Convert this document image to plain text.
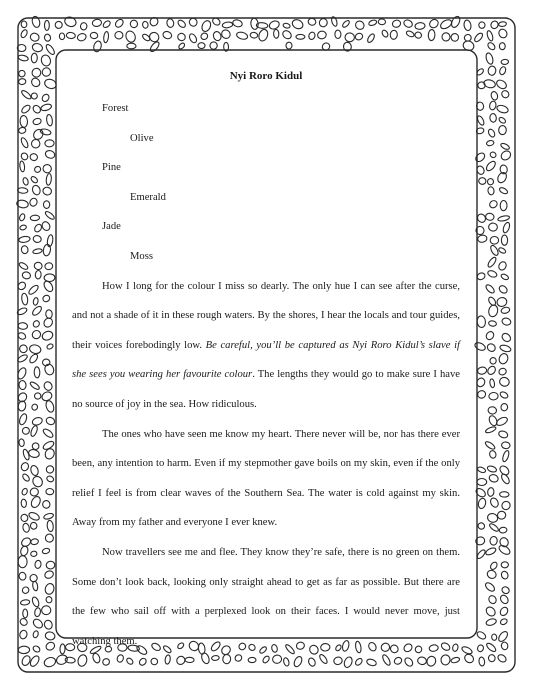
Nyi Roro Kidul
Forest
Olive
Pine
Emerald
Jade
Moss

How I long for the colour I miss so dearly. The only hue I can see after the curse, and not a shade of it in these rough waters. By the shores, I hear the locals and tour guides, their voices forebodingly low. Be careful, you’ll be captured as Nyi Roro Kidul’s slave if she sees you wearing her favourite colour. The lengths they would go to make sure I have no source of joy in the sea. How ridiculous.

The ones who have seen me know my heart. There never will be, nor has there ever been, any intention to harm. Even if my stepmother gave boils on my skin, even if the only relief I feel is from clear waves of the Southern Sea. The water is cold against my skin. Away from my father and everyone I ever knew.

Now travellers see me and flee. They know they’re safe, there is no green on them. Some don’t look back, looking only straight ahead to get as far as possible. But there are the few who sail off with a perplexed look on their faces. I would never move, just watching them.
